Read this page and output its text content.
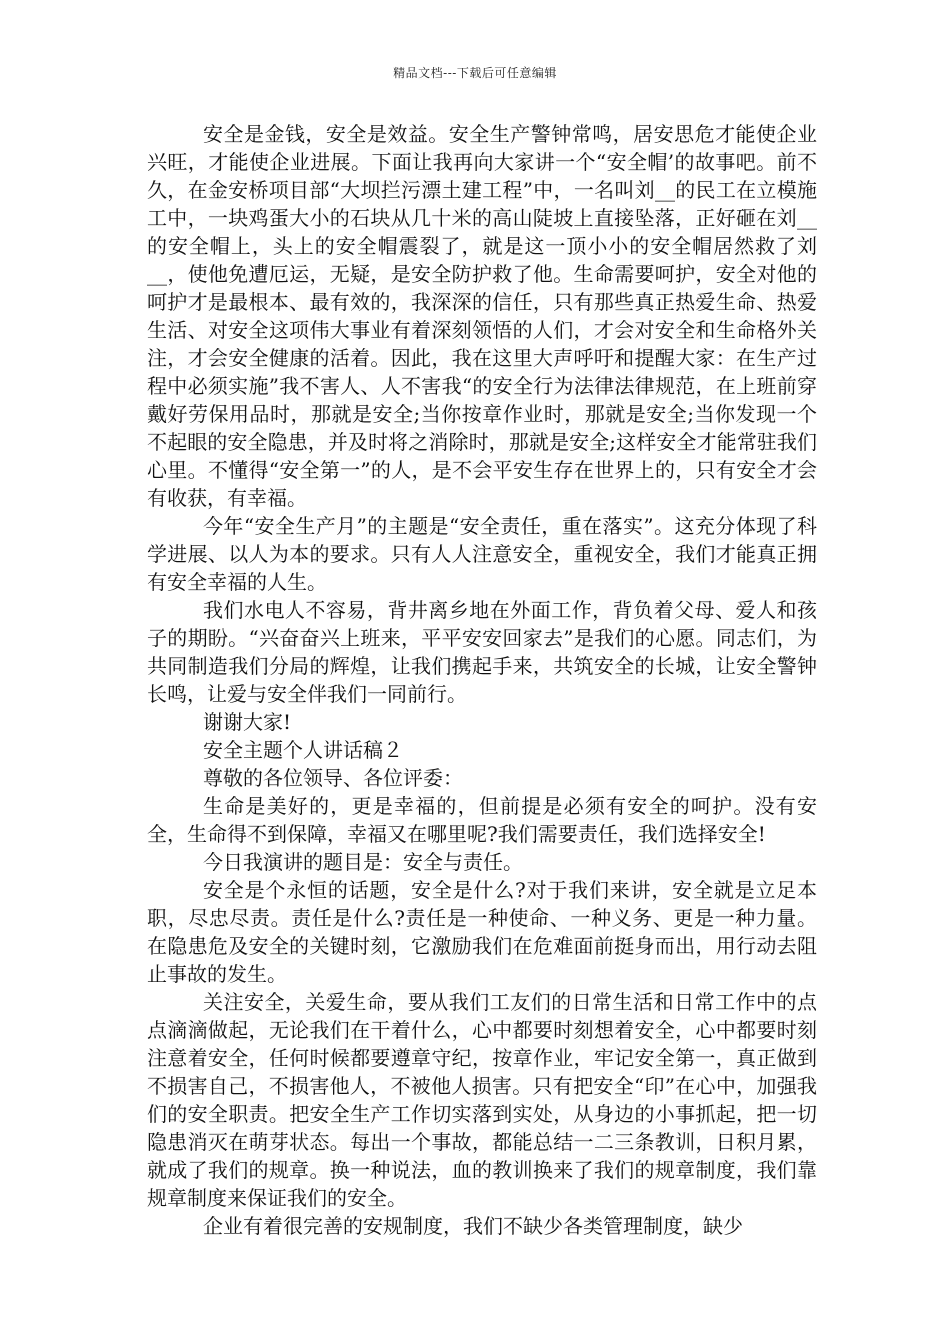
精品文档---下载后可任意编辑

安全是金钱，安全是效益。安全生产警钟常鸣，居安思危才能使企业兴旺，才能使企业进展。下面让我再向大家讲一个“安全帽’的故事吧。前不久，在金安桥项目部“大坝拦污漂土建工程”中，一名叫刘__的民工在立模施工中，一块鸡蛋大小的石块从几十米的高山陡坡上直接坠落，正好砸在刘__的安全帽上，头上的安全帽震裂了，就是这一顶小小的安全帽居然救了刘__，使他免遭厄运，无疑，是安全防护救了他。生命需要呵护，安全对他的呵护才是最根本、最有效的，我深深的信任，只有那些真正热爱生命、热爱生活、对安全这项伟大事业有着深刻领悟的人们，才会对安全和生命格外关注，才会安全健康的活着。因此，我在这里大声呼吁和提醒大家：在生产过程中必须实施”我不害人、人不害我“的安全行为法律法律规范，在上班前穿戴好劳保用品时，那就是安全;当你按章作业时，那就是安全;当你发现一个不起眼的安全隐患，并及时将之消除时，那就是安全;这样安全才能常驻我们心里。不懂得“安全第一”的人，是不会平安生存在世界上的，只有安全才会有收获，有幸福。

今年“安全生产月”的主题是“安全责任，重在落实”。这充分体现了科学进展、以人为本的要求。只有人人注意安全，重视安全，我们才能真正拥有安全幸福的人生。

我们水电人不容易，背井离乡地在外面工作，背负着父母、爱人和孩子的期盼。“兴奋奋兴上班来，平平安安回家去”是我们的心愿。同志们，为共同制造我们分局的辉煌，让我们携起手来，共筑安全的长城，让安全警钟长鸣，让爱与安全伴我们一同前行。

谢谢大家!

安全主题个人讲话稿２

尊敬的各位领导、各位评委：

生命是美好的，更是幸福的，但前提是必须有安全的呵护。没有安全，生命得不到保障，幸福又在哪里呢?我们需要责任，我们选择安全!

今日我演讲的题目是：安全与责任。

安全是个永恒的话题，安全是什么?对于我们来讲，安全就是立足本职，尽忠尽责。责任是什么?责任是一种使命、一种义务、更是一种力量。在隐患危及安全的关键时刻，它激励我们在危难面前挺身而出，用行动去阻止事故的发生。

关注安全，关爱生命，要从我们工友们的日常生活和日常工作中的点点滴滴做起，无论我们在干着什么，心中都要时刻想着安全，心中都要时刻注意着安全，任何时候都要遵章守纪，按章作业，牢记安全第一，真正做到不损害自己，不损害他人，不被他人损害。只有把安全“印”在心中，加强我们的安全职责。把安全生产工作切实落到实处，从身边的小事抓起，把一切隐患消灭在萌芽状态。每出一个事故，都能总结一二三条教训，日积月累，就成了我们的规章。换一种说法，血的教训换来了我们的规章制度，我们靠规章制度来保证我们的安全。

企业有着很完善的安规制度，我们不缺少各类管理制度，缺少
